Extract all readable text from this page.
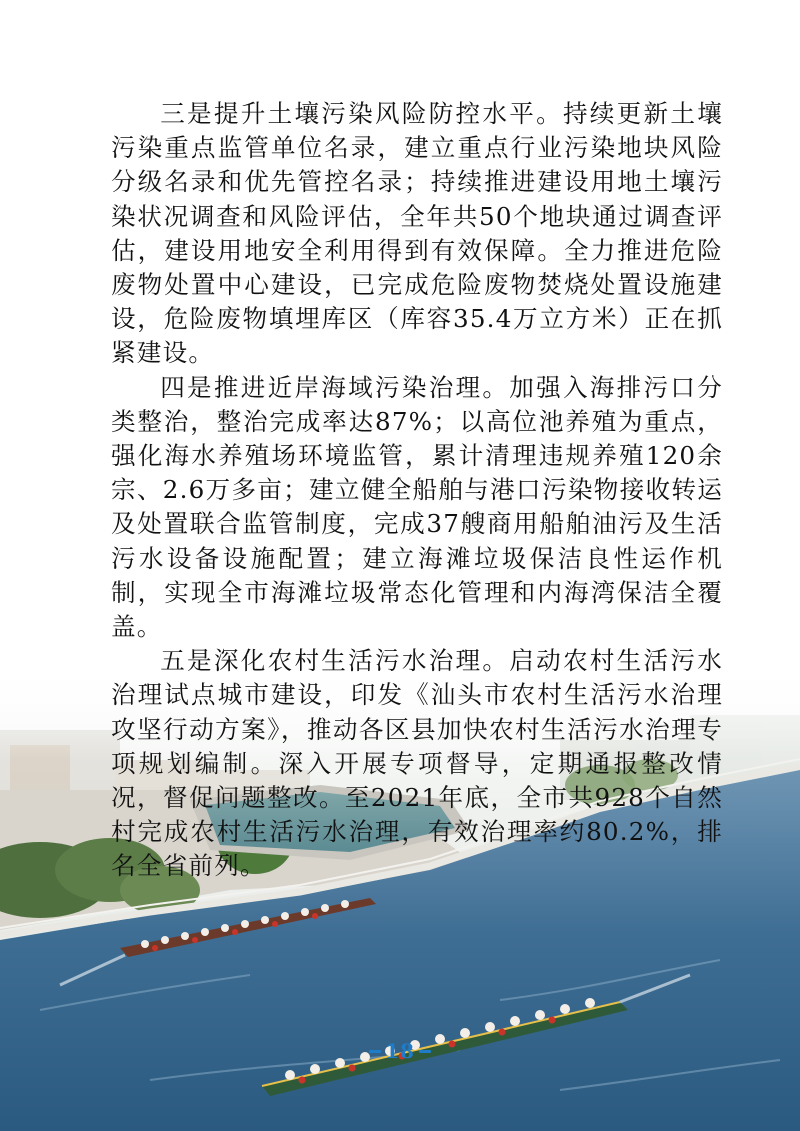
三是提升土壤污染风险防控水平。持续更新土壤污染重点监管单位名录，建立重点行业污染地块风险分级名录和优先管控名录；持续推进建设用地土壤污染状况调查和风险评估，全年共50个地块通过调查评估，建设用地安全利用得到有效保障。全力推进危险废物处置中心建设，已完成危险废物焚烧处置设施建设，危险废物填埋库区（库容35.4万立方米）正在抓紧建设。

四是推进近岸海域污染治理。加强入海排污口分类整治，整治完成率达87%；以高位池养殖为重点，强化海水养殖场环境监管，累计清理违规养殖120余宗、2.6万多亩；建立健全船舶与港口污染物接收转运及处置联合监管制度，完成37艘商用船舶油污及生活污水设备设施配置；建立海滩垃圾保洁良性运作机制，实现全市海滩垃圾常态化管理和内海湾保洁全覆盖。

五是深化农村生活污水治理。启动农村生活污水治理试点城市建设，印发《汕头市农村生活污水治理攻坚行动方案》，推动各区县加快农村生活污水治理专项规划编制。深入开展专项督导，定期通报整改情况，督促问题整改。至2021年底，全市共928个自然村完成农村生活污水治理，有效治理率约80.2%，排名全省前列。

18
